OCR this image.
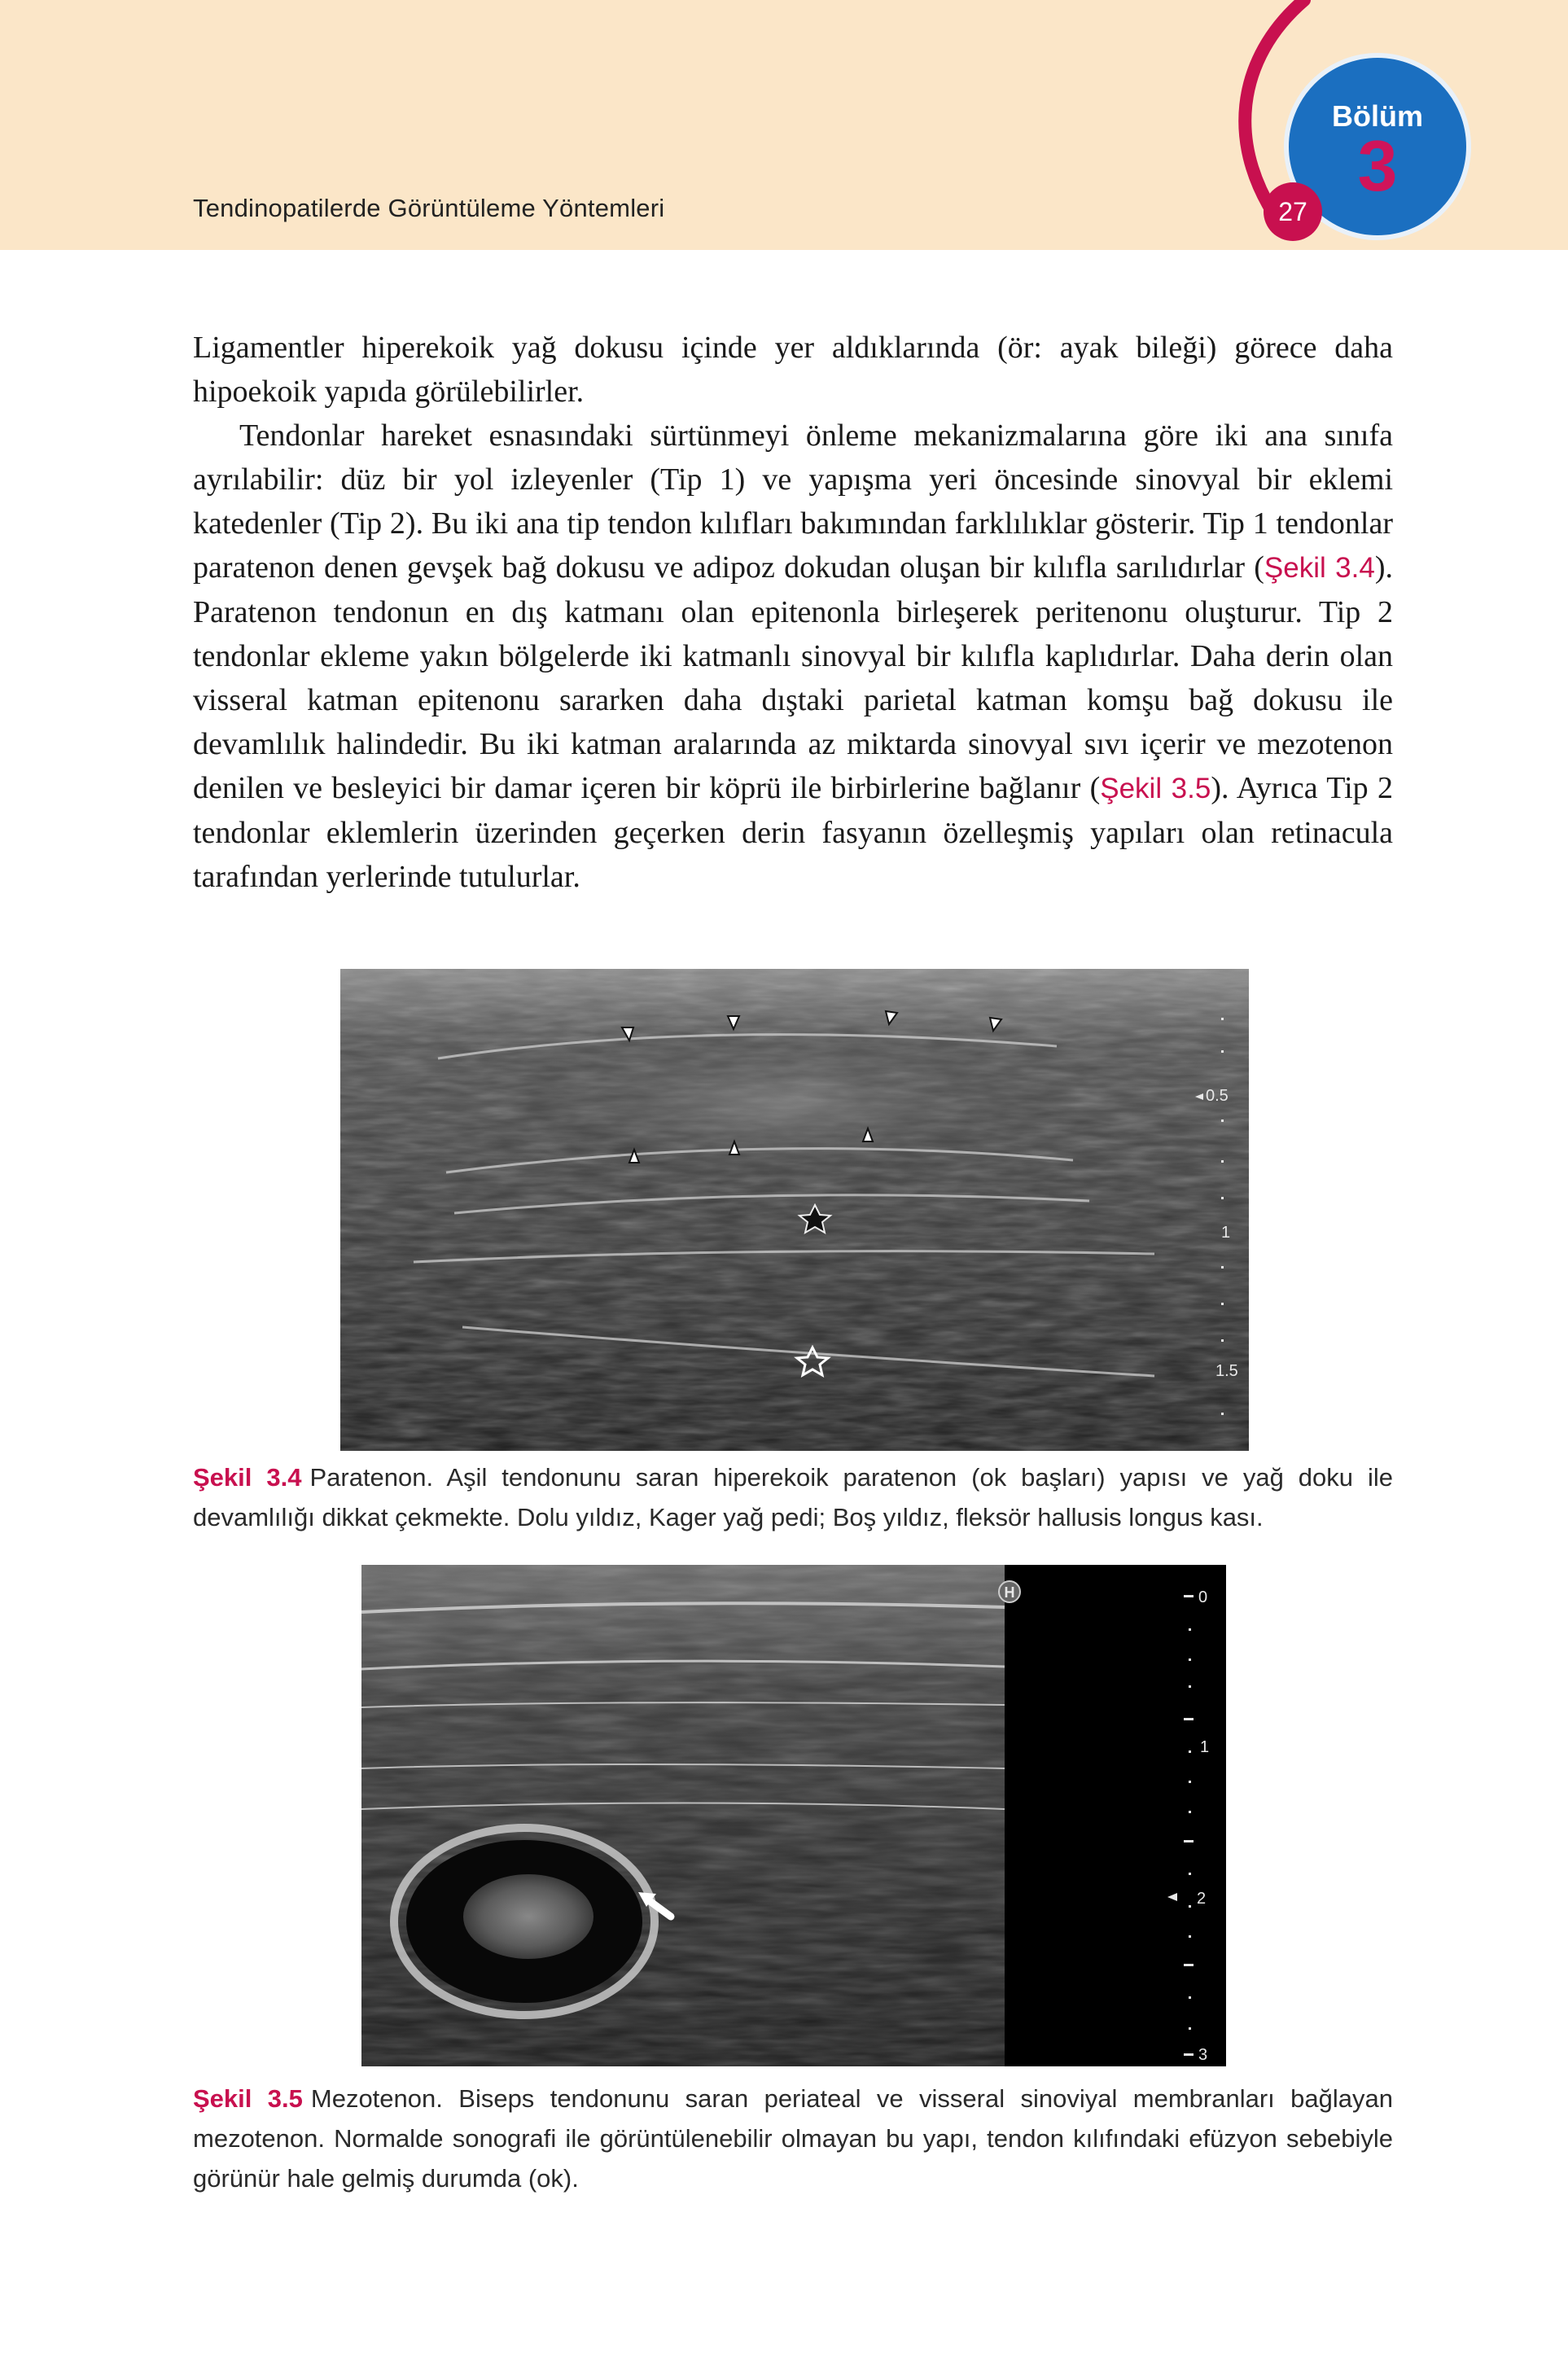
Tendinopatilerde Görüntüleme Yöntemleri
Bölüm
3
27

Ligamentler hiperekoik yağ dokusu içinde yer aldıklarında (ör: ayak bileği) görece daha hipoekoik yapıda görülebilirler.

Tendonlar hareket esnasındaki sürtünmeyi önleme mekanizmalarına göre iki ana sınıfa ayrılabilir: düz bir yol izleyenler (Tip 1) ve yapışma yeri öncesinde sinovyal bir eklemi katedenler (Tip 2). Bu iki ana tip tendon kılıfları bakımından farklılıklar gösterir. Tip 1 tendonlar paratenon denen gevşek bağ dokusu ve adipoz dokudan oluşan bir kılıfla sarılıdırlar (Şekil 3.4). Paratenon tendonun en dış katmanı olan epitenonla birleşerek peritenonu oluşturur. Tip 2 tendonlar ekleme yakın bölgelerde iki katmanlı sinovyal bir kılıfla kaplıdırlar. Daha derin olan visseral katman epitenonu sararken daha dıştaki parietal katman komşu bağ dokusu ile devamlılık halindedir. Bu iki katman aralarında az miktarda sinovyal sıvı içerir ve mezotenon denilen ve besleyici bir damar içeren bir köprü ile birbirlerine bağlanır (Şekil 3.5). Ayrıca Tip 2 tendonlar eklemlerin üzerinden geçerken derin fasyanın özelleşmiş yapıları olan retinacula tarafından yerlerinde tutulurlar.

0.5
1
1.5

Şekil 3.4 Paratenon. Aşil tendonunu saran hiperekoik paratenon (ok başları) yapısı ve yağ doku ile devamlılığı dikkat çekmekte. Dolu yıldız, Kager yağ pedi; Boş yıldız, fleksör hallusis longus kası.

H	0
1
2
3

Şekil 3.5 Mezotenon. Biseps tendonunu saran periateal ve visseral sinoviyal membranları bağlayan mezotenon. Normalde sonografi ile görüntülenebilir olmayan bu yapı, tendon kılıfındaki efüzyon sebebiyle görünür hale gelmiş durumda (ok).
